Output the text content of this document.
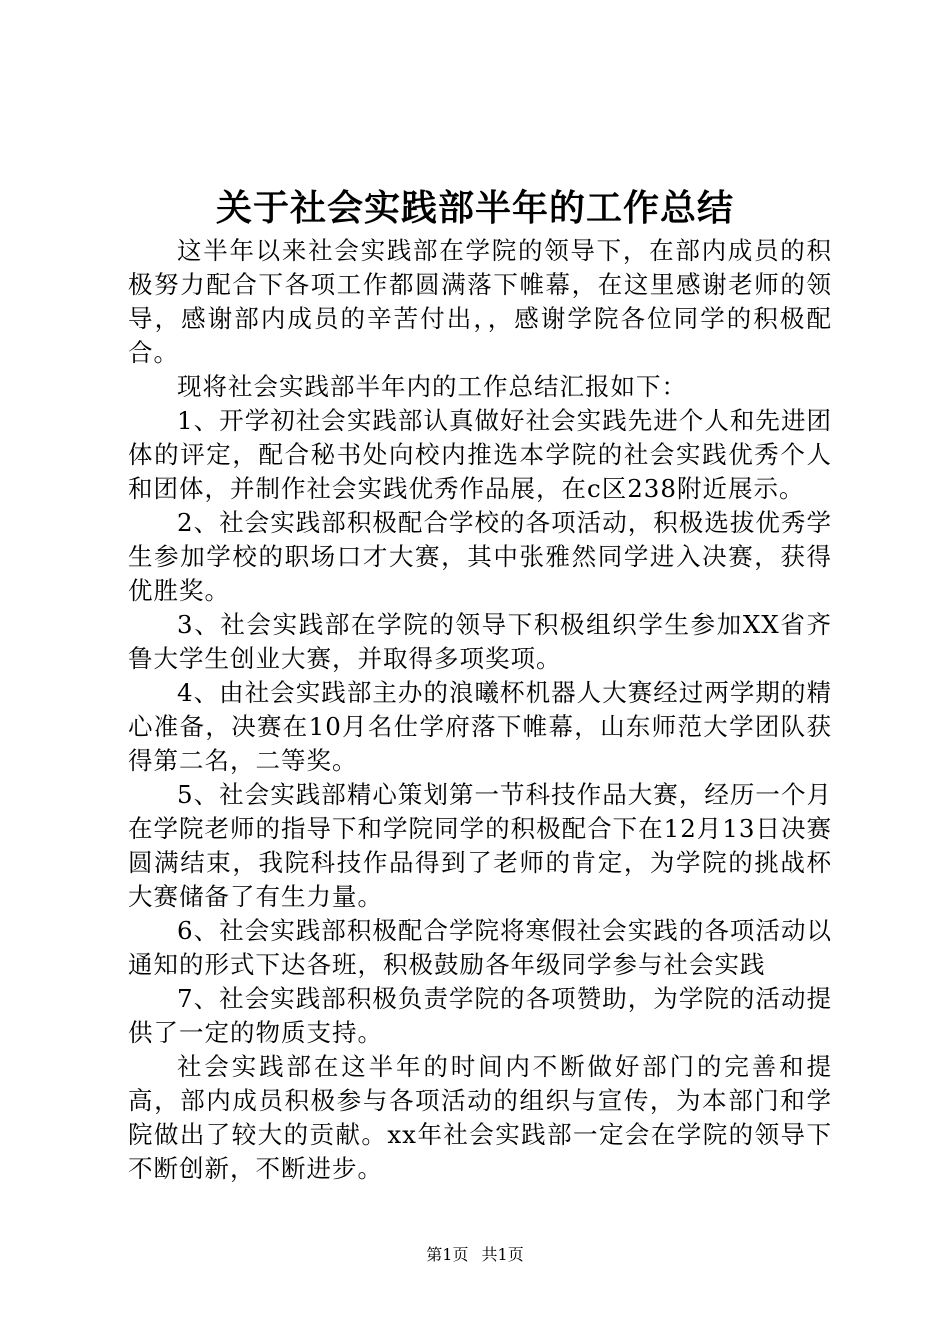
关于社会实践部半年的工作总结

这半年以来社会实践部在学院的领导下，在部内成员的积极努力配合下各项工作都圆满落下帷幕，在这里感谢老师的领导，感谢部内成员的辛苦付出，，感谢学院各位同学的积极配合。

现将社会实践部半年内的工作总结汇报如下：

1、开学初社会实践部认真做好社会实践先进个人和先进团体的评定，配合秘书处向校内推选本学院的社会实践优秀个人和团体，并制作社会实践优秀作品展，在c区238附近展示。

2、社会实践部积极配合学校的各项活动，积极选拔优秀学生参加学校的职场口才大赛，其中张雅然同学进入决赛，获得优胜奖。

3、社会实践部在学院的领导下积极组织学生参加XX省齐鲁大学生创业大赛，并取得多项奖项。

4、由社会实践部主办的浪曦杯机器人大赛经过两学期的精心准备，决赛在10月名仕学府落下帷幕，山东师范大学团队获得第二名，二等奖。

5、社会实践部精心策划第一节科技作品大赛，经历一个月在学院老师的指导下和学院同学的积极配合下在12月13日决赛圆满结束，我院科技作品得到了老师的肯定，为学院的挑战杯大赛储备了有生力量。

6、社会实践部积极配合学院将寒假社会实践的各项活动以通知的形式下达各班，积极鼓励各年级同学参与社会实践

7、社会实践部积极负责学院的各项赞助，为学院的活动提供了一定的物质支持。

社会实践部在这半年的时间内不断做好部门的完善和提高，部内成员积极参与各项活动的组织与宣传，为本部门和学院做出了较大的贡献。xx年社会实践部一定会在学院的领导下不断创新，不断进步。

第1页 共1页
